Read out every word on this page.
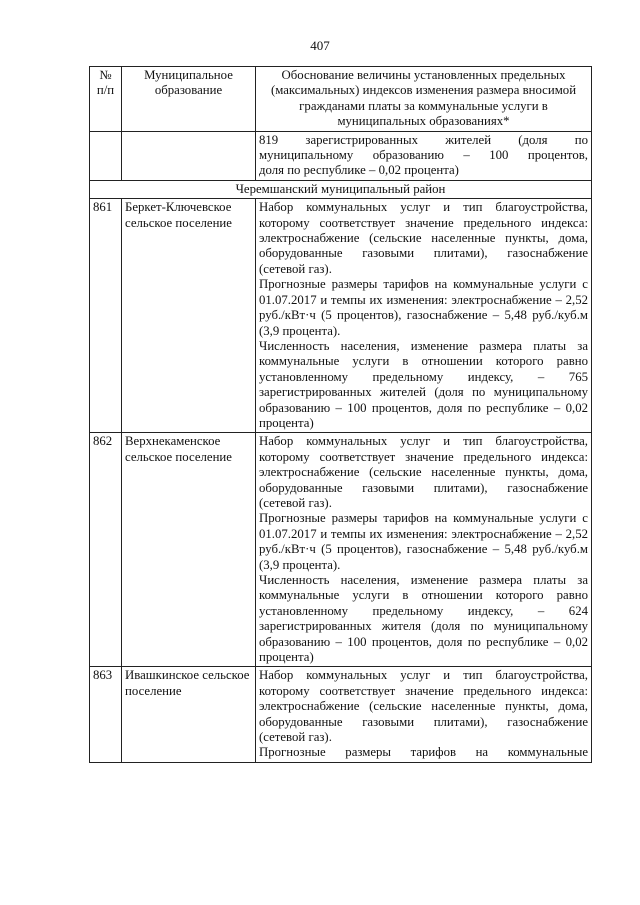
407
№ п/п	Муниципальное образование	Обоснование величины установленных предельных (максимальных) индексов изменения размера вносимой гражданами платы за коммунальные услуги в муниципальных образованиях*

		819 зарегистрированных жителей (доля по
муниципальному образованию – 100 процентов,
доля по республике – 0,02 процента)

Черемшанский муниципальный район		
861	Беркет-Ключевское сельское поселение	Набор коммунальных услуг и тип благоустройства, которому соответствует значение предельного индекса: электроснабжение (сельские населенные пункты, дома, оборудованные газовыми плитами), газоснабжение (сетевой газ).

Прогнозные размеры тарифов на коммунальные услуги с 01.07.2017 и темпы их изменения: электроснабжение – 2,52 руб./кВт·ч (5 процентов), газоснабжение – 5,48 руб./куб.м (3,9 процента).

Численность населения, изменение размера платы за коммунальные услуги в отношении которого равно установленному предельному индексу, – 765 зарегистрированных жителей (доля по муниципальному образованию – 100 процентов, доля по республике – 0,02 процента)

862	Верхнекаменское сельское поселение	Набор коммунальных услуг и тип благоустройства, которому соответствует значение предельного индекса: электроснабжение (сельские населенные пункты, дома, оборудованные газовыми плитами), газоснабжение (сетевой газ).

Прогнозные размеры тарифов на коммунальные услуги с 01.07.2017 и темпы их изменения: электроснабжение – 2,52 руб./кВт·ч (5 процентов), газоснабжение – 5,48 руб./куб.м (3,9 процента).

Численность населения, изменение размера платы за коммунальные услуги в отношении которого равно установленному предельному индексу, – 624 зарегистрированных жителя (доля по муниципальному образованию – 100 процентов, доля по республике – 0,02 процента)

863	Ивашкинское сельское поселение	Набор коммунальных услуг и тип благоустройства, которому соответствует значение предельного индекса: электроснабжение (сельские населенные пункты, дома, оборудованные газовыми плитами), газоснабжение (сетевой газ).

Прогнозные размеры тарифов на коммунальные
